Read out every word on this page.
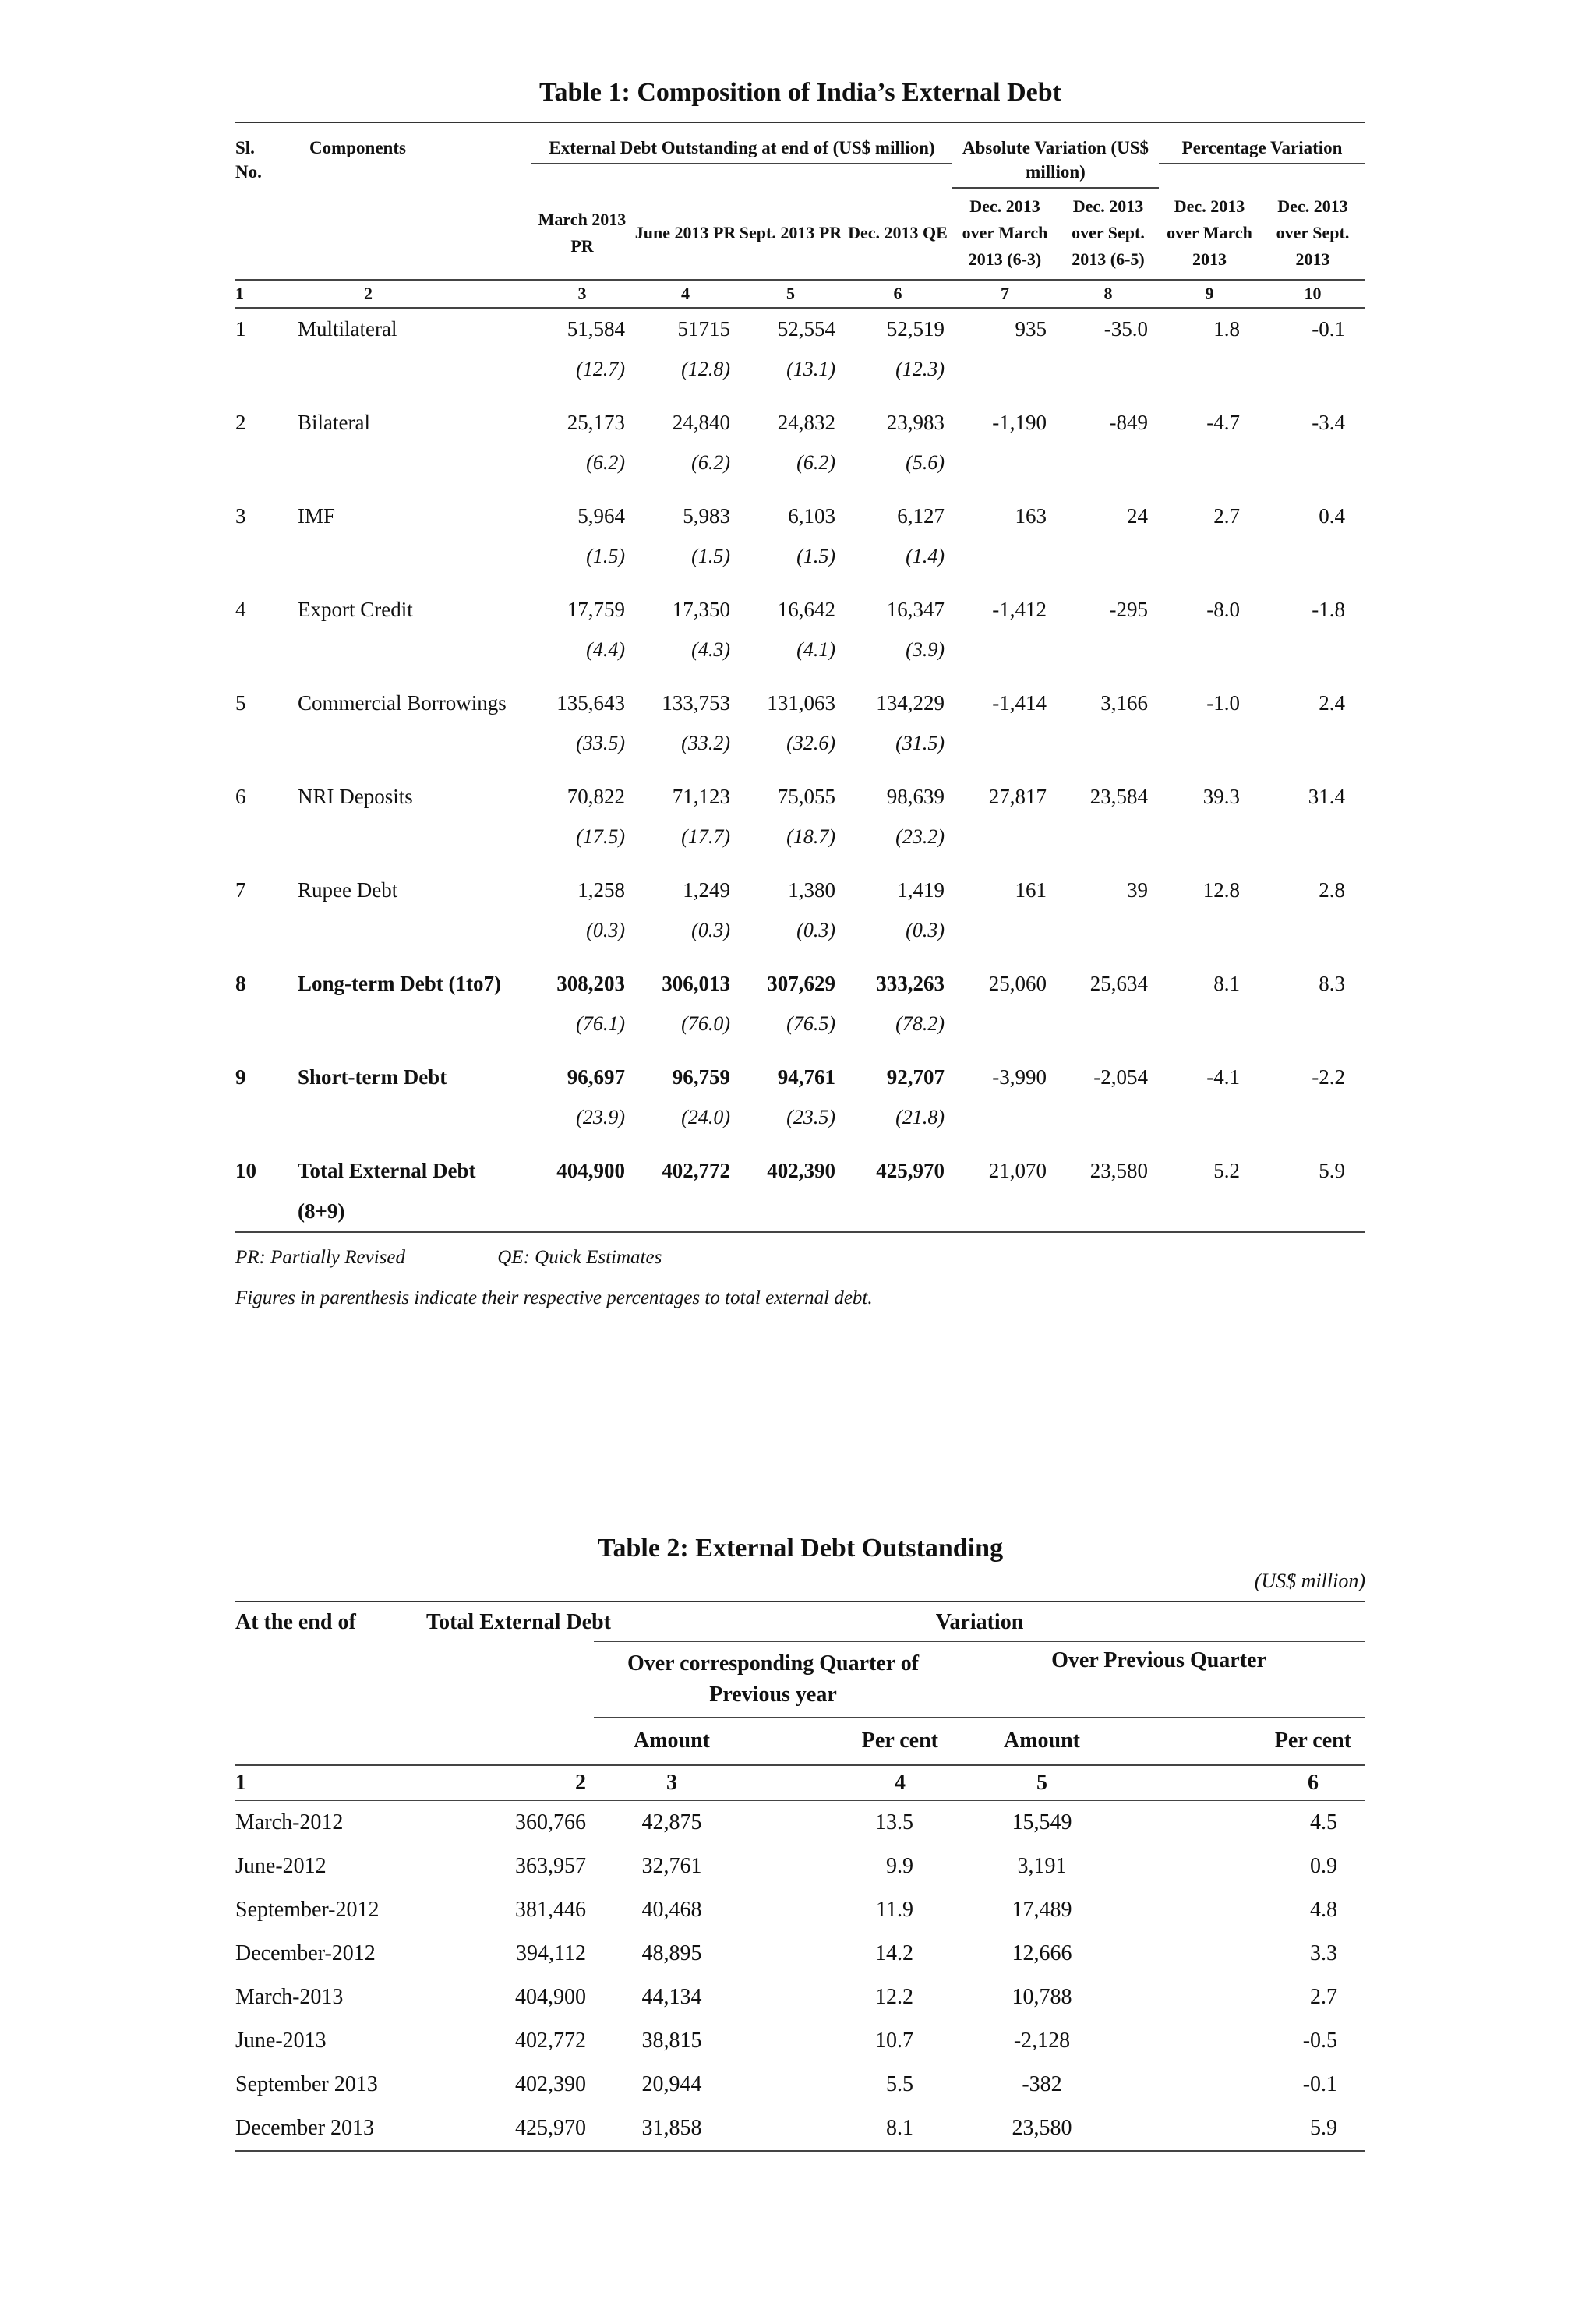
Table 1: Composition of India’s External Debt
Sl. No.	Components	External Debt Outstanding at end of (US$ million)				Absolute Variation (US$ million)		Percentage Variation	

		March 2013 PR	June 2013 PR	Sept. 2013 PR	Dec. 2013 QE	Dec. 2013 over March 2013 (6-3)	Dec. 2013 over Sept. 2013 (6-5)	Dec. 2013 over March 2013	Dec. 2013 over Sept. 2013
1	2	3	4	5	6	7	8	9	10
1	Multilateral	51,584	51715	52,554	52,519	935	-35.0	1.8	-0.1
		(12.7)	(12.8)	(13.1)	(12.3)				

2	Bilateral	25,173	24,840	24,832	23,983	-1,190	-849	-4.7	-3.4
		(6.2)	(6.2)	(6.2)	(5.6)				

3	IMF	5,964	5,983	6,103	6,127	163	24	2.7	0.4
		(1.5)	(1.5)	(1.5)	(1.4)				

4	Export Credit	17,759	17,350	16,642	16,347	-1,412	-295	-8.0	-1.8
		(4.4)	(4.3)	(4.1)	(3.9)				

5	Commercial Borrowings	135,643	133,753	131,063	134,229	-1,414	3,166	-1.0	2.4
		(33.5)	(33.2)	(32.6)	(31.5)				

6	NRI Deposits	70,822	71,123	75,055	98,639	27,817	23,584	39.3	31.4
		(17.5)	(17.7)	(18.7)	(23.2)				

7	Rupee Debt	1,258	1,249	1,380	1,419	161	39	12.8	2.8
		(0.3)	(0.3)	(0.3)	(0.3)				

8	Long-term Debt (1to7)	308,203	306,013	307,629	333,263	25,060	25,634	8.1	8.3
		(76.1)	(76.0)	(76.5)	(78.2)				

9	Short-term Debt	96,697	96,759	94,761	92,707	-3,990	-2,054	-4.1	-2.2
		(23.9)	(24.0)	(23.5)	(21.8)				

10	Total External Debt	404,900	402,772	402,390	425,970	21,070	23,580	5.2	5.9
	(8+9)								
PR: Partially Revised	QE: Quick Estimates
Figures in parenthesis indicate their respective percentages to total external debt.
Table 2: External Debt Outstanding
(US$ million)
At the end of	Total External Debt	Variation			
		Over corresponding Quarter of Previous year		Over Previous Quarter	
		Amount	Per cent	Amount	Per cent
1	2	3	4	5	6
March-2012	360,766	42,875	13.5	15,549	4.5
June-2012	363,957	32,761	9.9	3,191	0.9
September-2012	381,446	40,468	11.9	17,489	4.8
December-2012	394,112	48,895	14.2	12,666	3.3
March-2013	404,900	44,134	12.2	10,788	2.7
June-2013	402,772	38,815	10.7	-2,128	-0.5
September 2013	402,390	20,944	5.5	-382	-0.1
December 2013	425,970	31,858	8.1	23,580	5.9
